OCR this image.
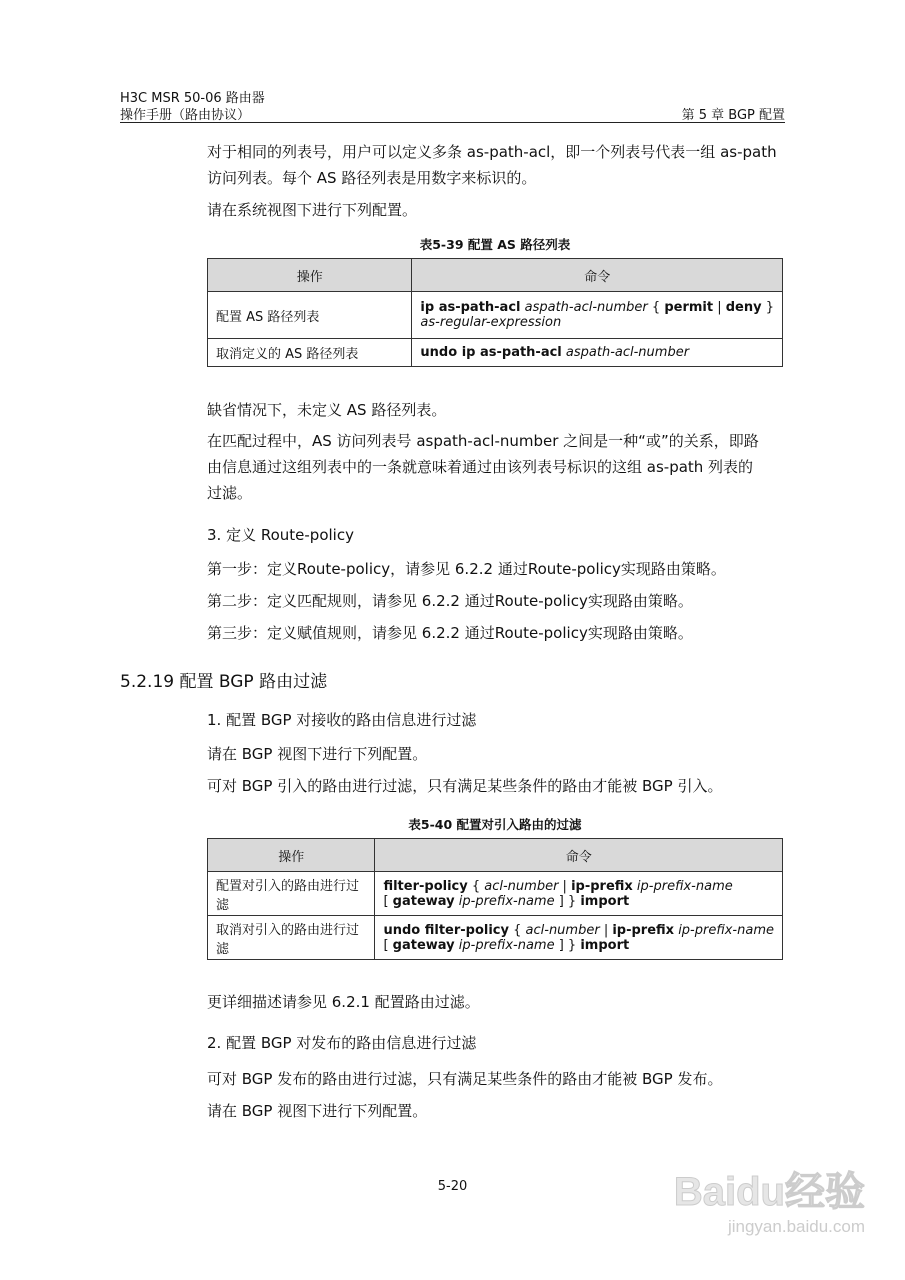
H3C MSR 50-06 路由器
操作手册（路由协议）	第 5 章 BGP 配置
对于相同的列表号，用户可以定义多条 as-path-acl，即一个列表号代表一组 as-path
访问列表。每个 AS 路径列表是用数字来标识的。
请在系统视图下进行下列配置。
表5-39 配置 AS 路径列表
操作	命令
配置 AS 路径列表	ip as-path-acl aspath-acl-number { permit | deny }
as-regular-expression

取消定义的 AS 路径列表	undo ip as-path-acl aspath-acl-number
缺省情况下，未定义 AS 路径列表。
在匹配过程中，AS 访问列表号 aspath-acl-number 之间是一种“或”的关系，即路
由信息通过这组列表中的一条就意味着通过由该列表号标识的这组 as-path 列表的
过滤。
3. 定义 Route-policy
第一步：定义Route-policy，请参见 6.2.2 通过Route-policy实现路由策略。
第二步：定义匹配规则，请参见 6.2.2 通过Route-policy实现路由策略。
第三步：定义赋值规则，请参见 6.2.2 通过Route-policy实现路由策略。
5.2.19 配置 BGP 路由过滤
1. 配置 BGP 对接收的路由信息进行过滤
请在 BGP 视图下进行下列配置。
可对 BGP 引入的路由进行过滤，只有满足某些条件的路由才能被 BGP 引入。
表5-40 配置对引入路由的过滤
操作	命令
配置对引入的路由进行过滤	filter-policy { acl-number | ip-prefix ip-prefix-name
[ gateway ip-prefix-name ] } import

取消对引入的路由进行过滤	undo filter-policy { acl-number | ip-prefix ip-prefix-name
[ gateway ip-prefix-name ] } import
更详细描述请参见 6.2.1 配置路由过滤。
2. 配置 BGP 对发布的路由信息进行过滤
可对 BGP 发布的路由进行过滤，只有满足某些条件的路由才能被 BGP 发布。
请在 BGP 视图下进行下列配置。
5-20	Baidu经验
jingyan.baidu.com
